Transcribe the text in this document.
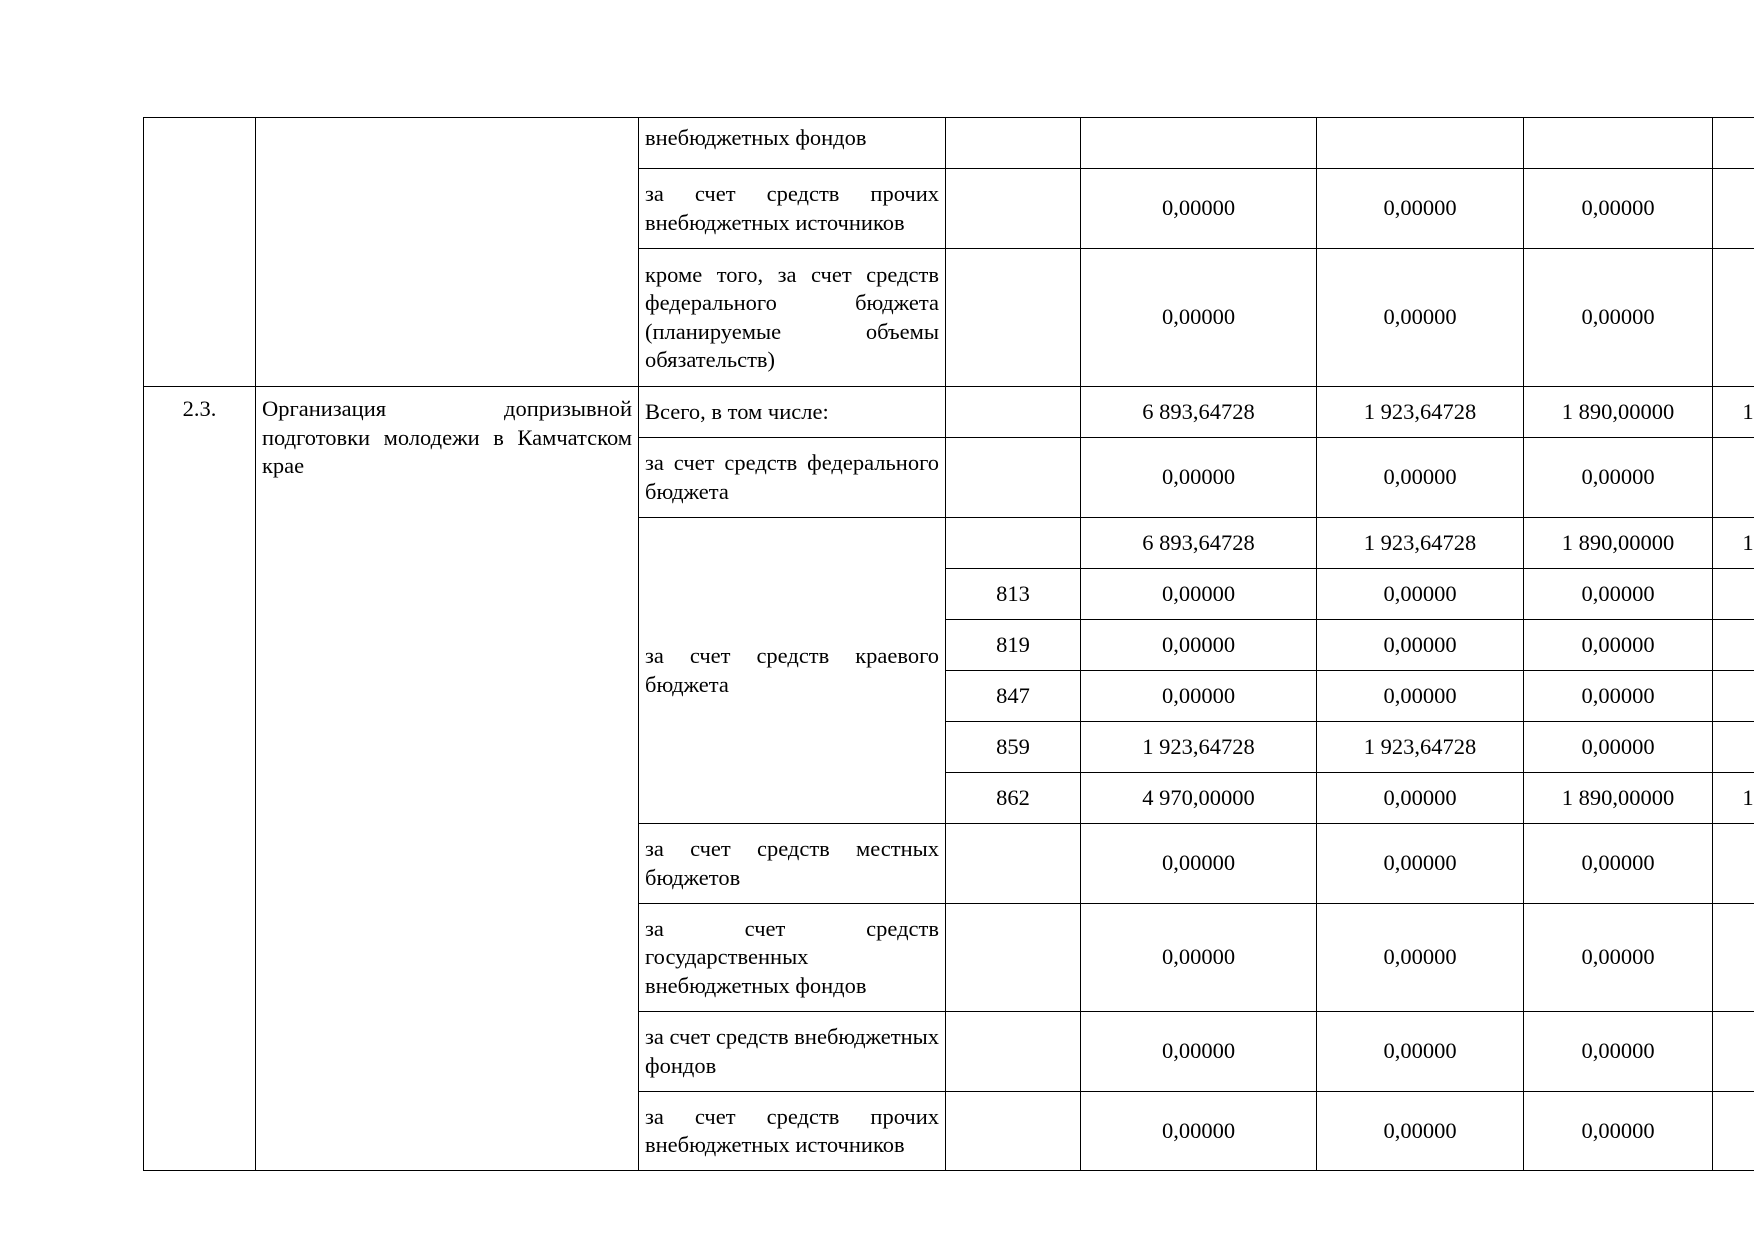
		внебюджетных фондов					
		за счет средств прочих внебюджетных источников		0,00000	0,00000	0,00000	
		кроме того, за счет средств федерального бюджета (планируемые объемы обязательств)		0,00000	0,00000	0,00000	
2.3.	Организация допризывной подготовки молодежи в Камчатском крае	Всего, в том числе:		6 893,64728	1 923,64728	1 890,00000	1
		за счет средств федерального бюджета		0,00000	0,00000	0,00000	
		за счет средств краевого бюджета		6 893,64728	1 923,64728	1 890,00000	1
			813	0,00000	0,00000	0,00000	
			819	0,00000	0,00000	0,00000	
			847	0,00000	0,00000	0,00000	
			859	1 923,64728	1 923,64728	0,00000	
			862	4 970,00000	0,00000	1 890,00000	1
		за счет средств местных бюджетов		0,00000	0,00000	0,00000	
		за счет средств государственных внебюджетных фондов		0,00000	0,00000	0,00000	
		за счет средств внебюджетных фондов		0,00000	0,00000	0,00000	
		за счет средств прочих внебюджетных источников		0,00000	0,00000	0,00000	
